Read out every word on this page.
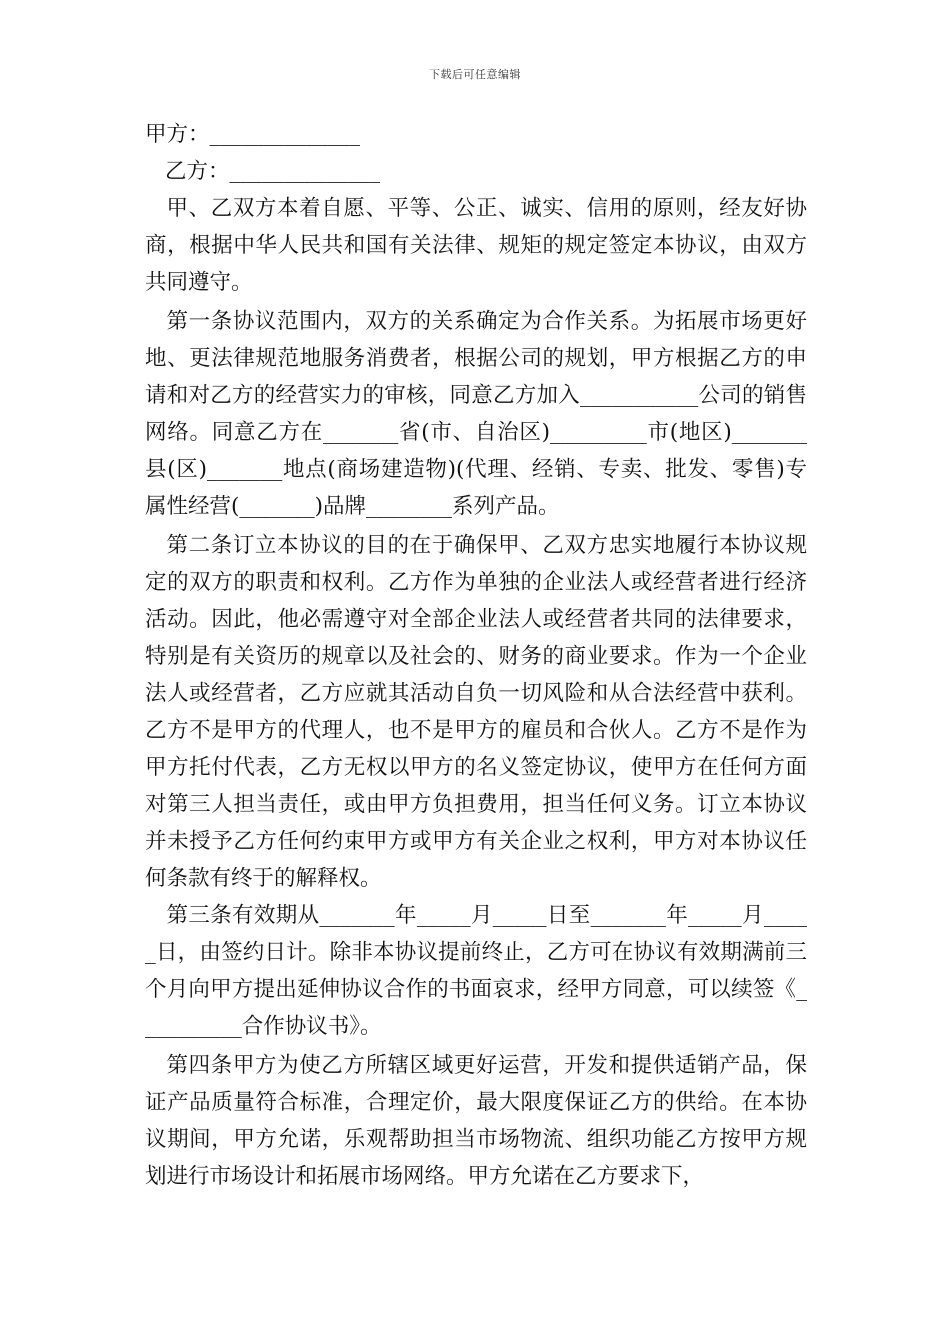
下载后可任意编辑
甲方：______________
乙方：______________

甲、乙双方本着自愿、平等、公正、诚实、信用的原则，经友好协商，根据中华人民共和国有关法律、规矩的规定签定本协议，由双方共同遵守。

第一条协议范围内，双方的关系确定为合作关系。为拓展市场更好地、更法律规范地服务消费者，根据公司的规划，甲方根据乙方的申请和对乙方的经营实力的审核，同意乙方加入___________公司的销售网络。同意乙方在_______省(市、自治区)_________市(地区)_______县(区)_______地点(商场建造物)(代理、经销、专卖、批发、零售)专属性经营(_______)品牌________系列产品。

第二条订立本协议的目的在于确保甲、乙双方忠实地履行本协议规定的双方的职责和权利。乙方作为单独的企业法人或经营者进行经济活动。因此，他必需遵守对全部企业法人或经营者共同的法律要求，特别是有关资历的规章以及社会的、财务的商业要求。作为一个企业法人或经营者，乙方应就其活动自负一切风险和从合法经营中获利。乙方不是甲方的代理人，也不是甲方的雇员和合伙人。乙方不是作为甲方托付代表，乙方无权以甲方的名义签定协议，使甲方在任何方面对第三人担当责任，或由甲方负担费用，担当任何义务。订立本协议并未授予乙方任何约束甲方或甲方有关企业之权利，甲方对本协议任何条款有终于的解释权。

第三条有效期从_______年_____月_____日至_______年_____月_____日，由签约日计。除非本协议提前终止，乙方可在协议有效期满前三个月向甲方提出延伸协议合作的书面哀求，经甲方同意，可以续签《__________合作协议书》。

第四条甲方为使乙方所辖区域更好运营，开发和提供适销产品，保证产品质量符合标准，合理定价，最大限度保证乙方的供给。在本协议期间，甲方允诺，乐观帮助担当市场物流、组织功能乙方按甲方规划进行市场设计和拓展市场网络。甲方允诺在乙方要求下，
